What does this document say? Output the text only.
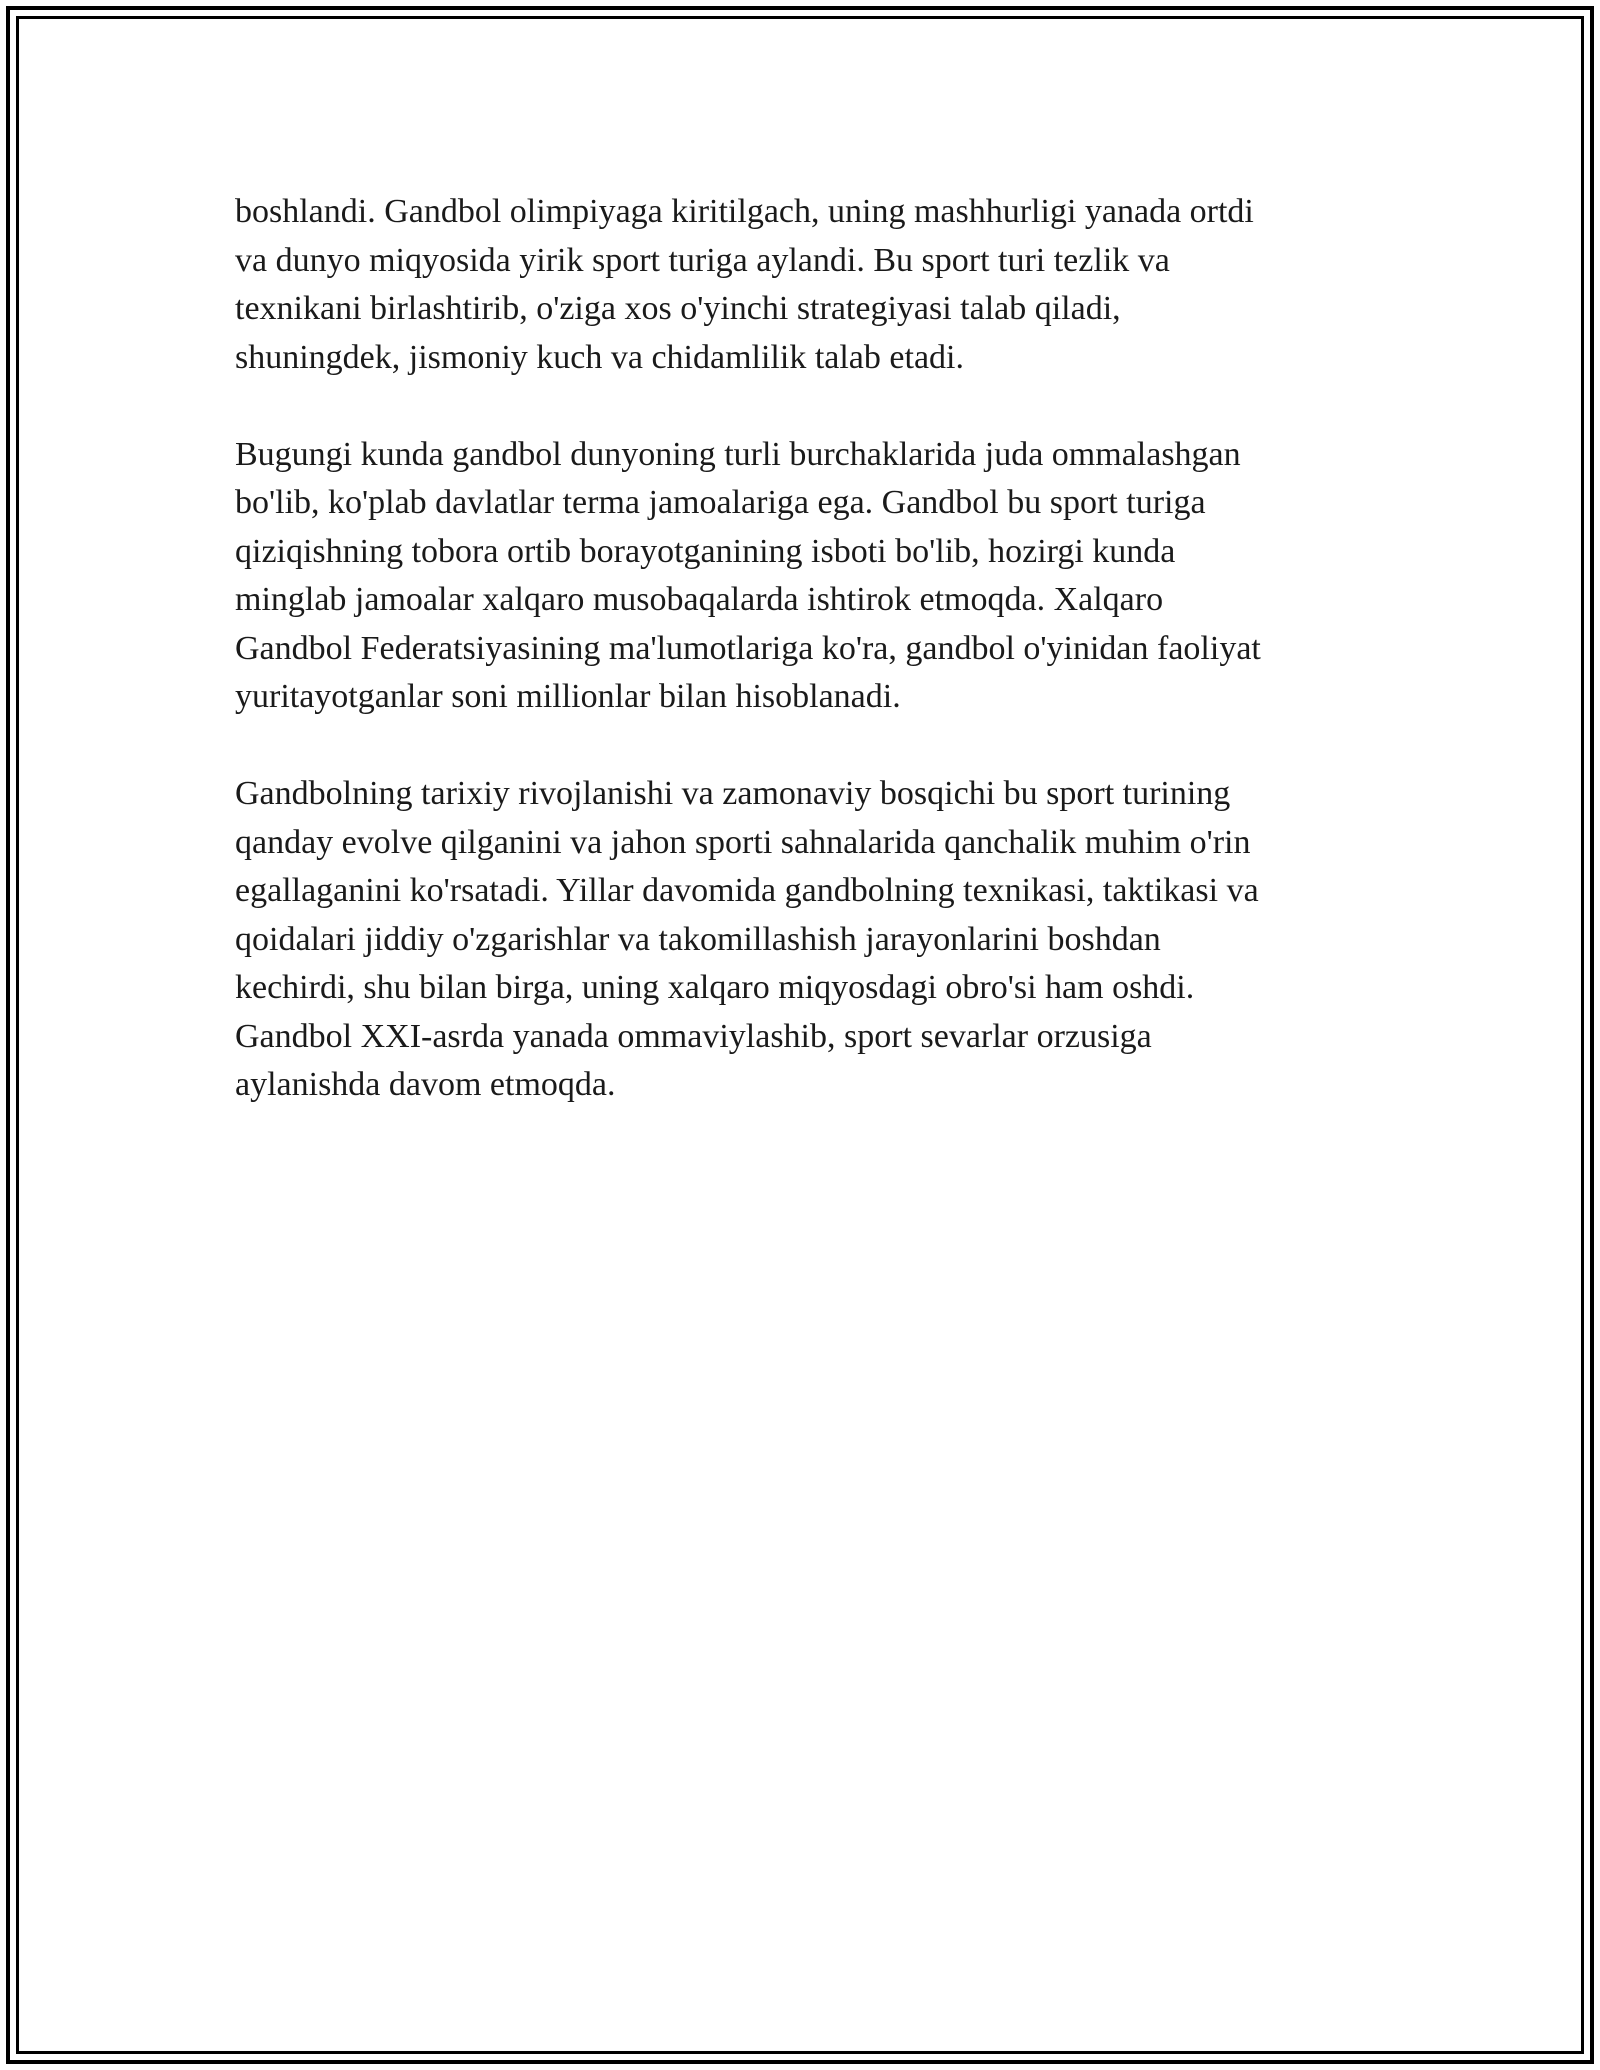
boshlandi. Gandbol olimpiyaga kiritilgach, uning mashhurligi yanada ortdi
va dunyo miqyosida yirik sport turiga aylandi. Bu sport turi tezlik va
texnikani birlashtirib, o'ziga xos o'yinchi strategiyasi talab qiladi,
shuningdek, jismoniy kuch va chidamlilik talab etadi.

Bugungi kunda gandbol dunyoning turli burchaklarida juda ommalashgan
bo'lib, ko'plab davlatlar terma jamoalariga ega. Gandbol bu sport turiga
qiziqishning tobora ortib borayotganining isboti bo'lib, hozirgi kunda
minglab jamoalar xalqaro musobaqalarda ishtirok etmoqda. Xalqaro
Gandbol Federatsiyasining ma'lumotlariga ko'ra, gandbol o'yinidan faoliyat
yuritayotganlar soni millionlar bilan hisoblanadi.

Gandbolning tarixiy rivojlanishi va zamonaviy bosqichi bu sport turining
qanday evolve qilganini va jahon sporti sahnalarida qanchalik muhim o'rin
egallaganini ko'rsatadi. Yillar davomida gandbolning texnikasi, taktikasi va
qoidalari jiddiy o'zgarishlar va takomillashish jarayonlarini boshdan
kechirdi, shu bilan birga, uning xalqaro miqyosdagi obro'si ham oshdi.
Gandbol XXI-asrda yanada ommaviylashib, sport sevarlar orzusiga
aylanishda davom etmoqda.
